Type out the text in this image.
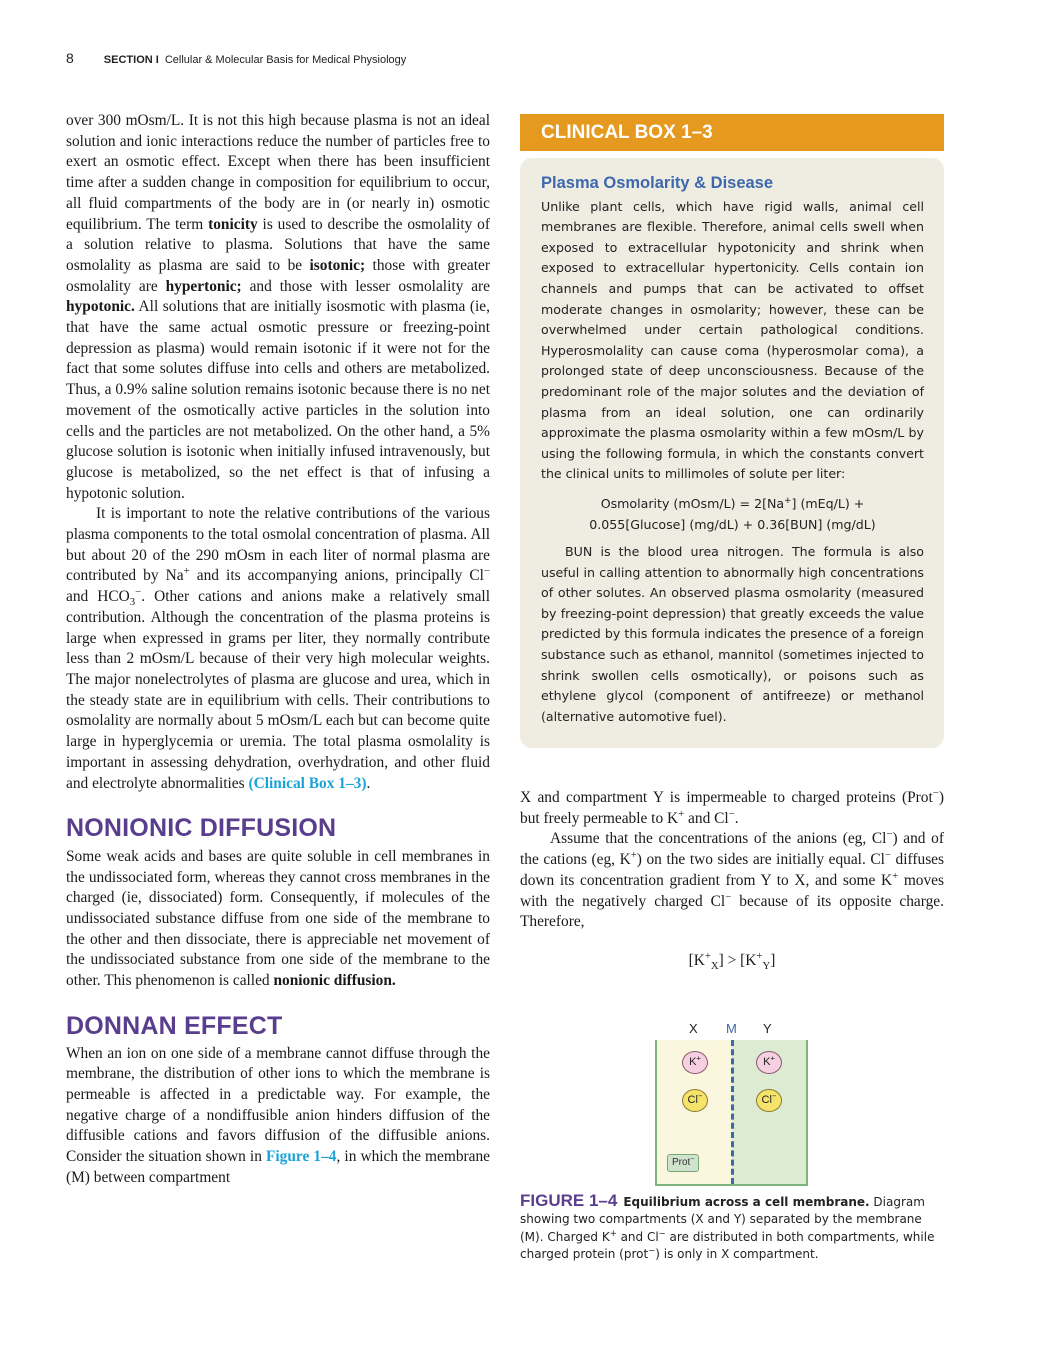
8	SECTION I Cellular & Molecular Basis for Medical Physiology

over 300 mOsm/L. It is not this high because plasma is not an ideal solution and ionic interactions reduce the number of particles free to exert an osmotic effect. Except when there has been insufficient time after a sudden change in composition for equilibrium to occur, all fluid compartments of the body are in (or nearly in) osmotic equilibrium. The term tonicity is used to describe the osmolality of a solution relative to plasma. Solutions that have the same osmolality as plasma are said to be isotonic; those with greater osmolality are hypertonic; and those with lesser osmolality are hypotonic. All solutions that are initially isosmotic with plasma (ie, that have the same actual osmotic pressure or freezing-point depression as plasma) would remain isotonic if it were not for the fact that some solutes diffuse into cells and others are metabolized. Thus, a 0.9% saline solution remains isotonic because there is no net movement of the osmotically active particles in the solution into cells and the particles are not metabolized. On the other hand, a 5% glucose solution is isotonic when initially infused intravenously, but glucose is metabolized, so the net effect is that of infusing a hypotonic solution.

It is important to note the relative contributions of the various plasma components to the total osmolal concentration of plasma. All but about 20 of the 290 mOsm in each liter of normal plasma are contributed by Na+ and its accompanying anions, principally Cl− and $HCO_3^-$. Other cations and anions make a relatively small contribution. Although the concentration of the plasma proteins is large when expressed in grams per liter, they normally contribute less than 2 mOsm/L because of their very high molecular weights. The major nonelectrolytes of plasma are glucose and urea, which in the steady state are in equilibrium with cells. Their contributions to osmolality are normally about 5 mOsm/L each but can become quite large in hyperglycemia or uremia. The total plasma osmolality is important in assessing dehydration, overhydration, and other fluid and electrolyte abnormalities (Clinical Box 1–3).

NONIONIC DIFFUSION

Some weak acids and bases are quite soluble in cell membranes in the undissociated form, whereas they cannot cross membranes in the charged (ie, dissociated) form. Consequently, if molecules of the undissociated substance diffuse from one side of the membrane to the other and then dissociate, there is appreciable net movement of the undissociated substance from one side of the membrane to the other. This phenomenon is called nonionic diffusion.

DONNAN EFFECT

When an ion on one side of a membrane cannot diffuse through the membrane, the distribution of other ions to which the membrane is permeable is affected in a predictable way. For example, the negative charge of a nondiffusible anion hinders diffusion of the diffusible cations and favors diffusion of the diffusible anions. Consider the situation shown in Figure 1–4, in which the membrane (M) between compartment

CLINICAL BOX 1–3
Plasma Osmolarity & Disease

Unlike plant cells, which have rigid walls, animal cell membranes are flexible. Therefore, animal cells swell when exposed to extracellular hypotonicity and shrink when exposed to extracellular hypertonicity. Cells contain ion channels and pumps that can be activated to offset moderate changes in osmolarity; however, these can be overwhelmed under certain pathological conditions. Hyperosmolality can cause coma (hyperosmolar coma), a prolonged state of deep unconsciousness. Because of the predominant role of the major solutes and the deviation of plasma from an ideal solution, one can ordinarily approximate the plasma osmolarity within a few mOsm/L by using the following formula, in which the constants convert the clinical units to millimoles of solute per liter:

Osmolarity (mOsm/L) = 2[Na+] (mEq/L) +
0.055[Glucose] (mg/dL) + 0.36[BUN] (mg/dL)

BUN is the blood urea nitrogen. The formula is also useful in calling attention to abnormally high concentrations of other solutes. An observed plasma osmolarity (measured by freezing-point depression) that greatly exceeds the value predicted by this formula indicates the presence of a foreign substance such as ethanol, mannitol (sometimes injected to shrink swollen cells osmotically), or poisons such as ethylene glycol (component of antifreeze) or methanol (alternative automotive fuel).

X and compartment Y is impermeable to charged proteins (Prot−) but freely permeable to K+ and Cl−.

Assume that the concentrations of the anions (eg, Cl−) and of the cations (eg, K+) on the two sides are initially equal. Cl− diffuses down its concentration gradient from Y to X, and some K+ moves with the negatively charged Cl− because of its opposite charge. Therefore,

$[K^+_X] > [K^+_Y]$
X M Y
K+	K+
Cl−	Cl−
Prot−
FIGURE 1–4 Equilibrium across a cell membrane. Diagram showing two compartments (X and Y) separated by the membrane (M). Charged K+ and Cl− are distributed in both compartments, while charged protein (prot−) is only in X compartment.
